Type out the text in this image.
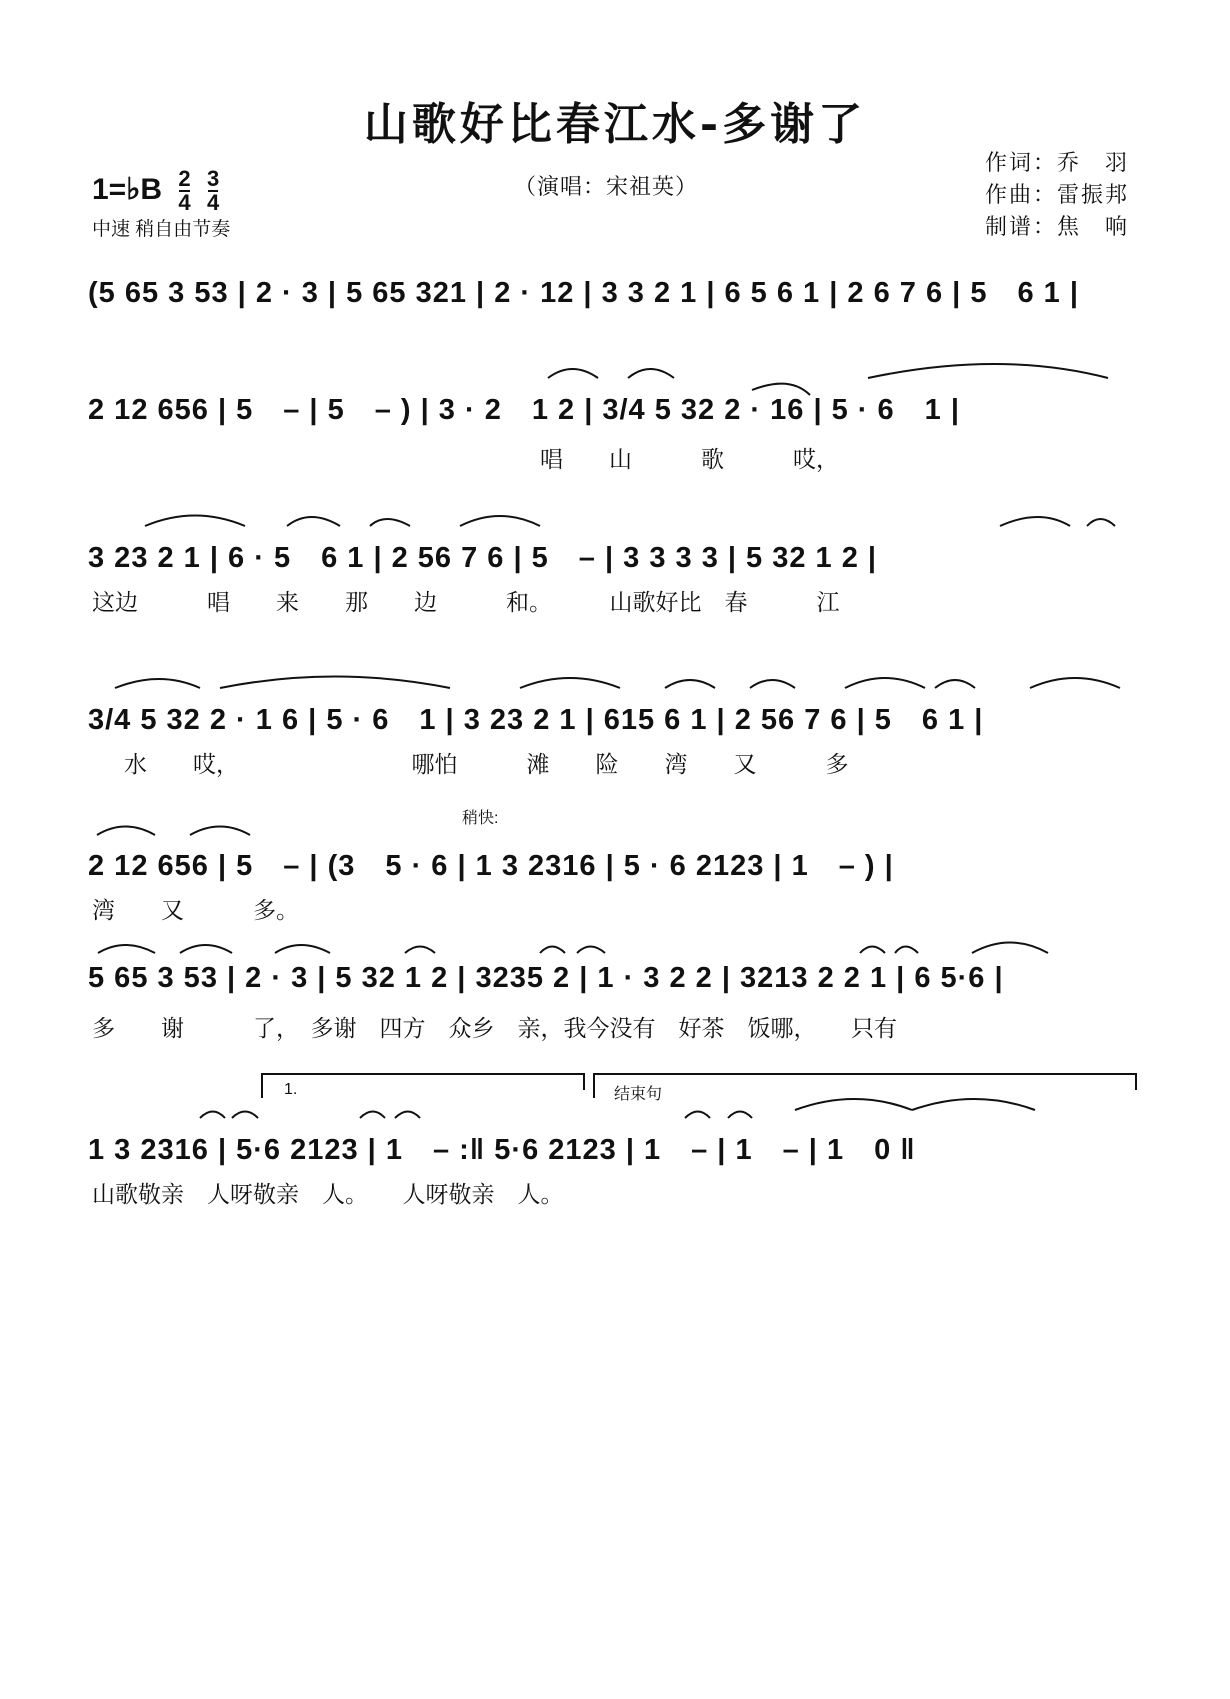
山歌好比春江水-多谢了
1=♭B $\frac{2}{4} \frac{3}{4}$
中速 稍自由节奏
（演唱：宋祖英）
作词：乔　羽
作曲：雷振邦
制谱：焦　响
(5 65 3 53 | 2 · 3 | 5 65 321 | 2 · 12 | 3 3 2 1 | 6 5 6 1 | 2 6 7 6 | 5　6 1 |
2 12 656 | 5　– | 5　– ) | 3 · 2　1 2 | 3/4 5 32 2 · 16 | 5 · 6　1 |
唱　　山　　　歌　　　哎，
3 23 2 1 | 6 · 5　6 1 | 2 56 7 6 | 5　– | 3 3 3 3 | 5 32 1 2 |
这边　　　唱　　来　　那　　边　　　和。　　　山歌好比　春　　　江
3/4 5 32 2 · 1 6 | 5 · 6　1 | 3 23 2 1 | 615 6 1 | 2 56 7 6 | 5　6 1 |
水　　哎，　　　　　　　　哪怕　　　滩　　险　　湾　　又　　　多
稍快:
2 12 656 | 5　– | (3　5 · 6 | 1 3 2316 | 5 · 6 2123 | 1　– ) |
湾　　又　　　多。
5 65 3 53 | 2 · 3 | 5 32 1 2 | 3235 2 | 1 · 3 2 2 | 3213 2 2 1 | 6 5·6 |
多　　谢　　　了，　多谢　四方　众乡　亲，我今没有　好茶　饭哪，　　只有
1.	结束句
1 3 2316 | 5·6 2123 | 1　– :‖ 5·6 2123 | 1　– | 1　– | 1　0 ‖
山歌敬亲　人呀敬亲　人。　　人呀敬亲　人。
